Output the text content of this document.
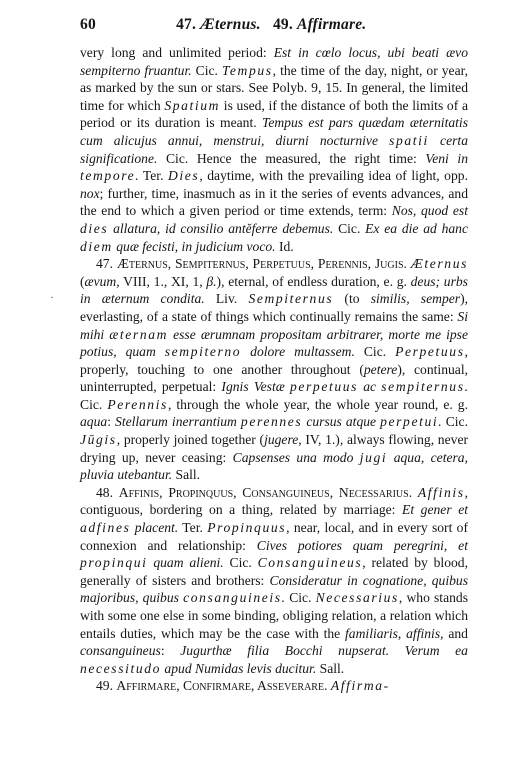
60	47. Æternus. 49. Affirmare.

very long and unlimited period: Est in cœlo locus, ubi beati ævo sempiterno fruantur. Cic. Tempus, the time of the day, night, or year, as marked by the sun or stars. See Polyb. 9, 15. In general, the limited time for which Spatium is used, if the distance of both the limits of a period or its duration is meant. Tempus est pars quædam æternitatis cum alicujus annui, menstrui, diurni nocturnive spatii certa significatione. Cic. Hence the measured, the right time: Veni in tempore. Ter. Dies, daytime, with the prevailing idea of light, opp. nox; further, time, inasmuch as in it the series of events advances, and the end to which a given period or time extends, term: Nos, quod est dies allatura, id consilio antĕferre debemus. Cic. Ex ea die ad hanc diem quæ fecisti, in judicium voco. Id.

47. Æternus, Sempiternus, Perpetuus, Perennis, Jugis. Æternus (ævum, VIII, 1., XI, 1, β.), eternal, of endless duration, e. g. deus; urbs in æternum condita. Liv. Sempiternus (to similis, semper), everlasting, of a state of things which continually remains the same: Si mihi æternam esse ærumnam propositam arbitrarer, morte me ipse potius, quam sempiterno dolore multassem. Cic. Perpetuus, properly, touching to one another throughout (petere), continual, uninterrupted, perpetual: Ignis Vestæ perpetuus ac sempiternus. Cic. Perennis, through the whole year, the whole year round, e. g. aqua: Stellarum inerrantium perennes cursus atque perpetui. Cic. Jūgis, properly joined together (jugere, IV, 1.), always flowing, never drying up, never ceasing: Capsenses una modo jugi aqua, cetera, pluvia utebantur. Sall.

48. Affinis, Propinquus, Consanguineus, Necessarius. Affinis, contiguous, bordering on a thing, related by marriage: Et gener et adfines placent. Ter. Propinquus, near, local, and in every sort of connexion and relationship: Cives potiores quam peregrini, et propinqui quam alieni. Cic. Consanguineus, related by blood, generally of sisters and brothers: Consideratur in cognatione, quibus majoribus, quibus consanguineis. Cic. Necessarius, who stands with some one else in some binding, obliging relation, a relation which entails duties, which may be the case with the familiaris, affinis, and consanguineus: Jugurthæ filia Bocchi nupserat. Verum ea necessitudo apud Numidas levis ducitur. Sall.

49. Affirmare, Confirmare, Asseverare. Affirma-

·
